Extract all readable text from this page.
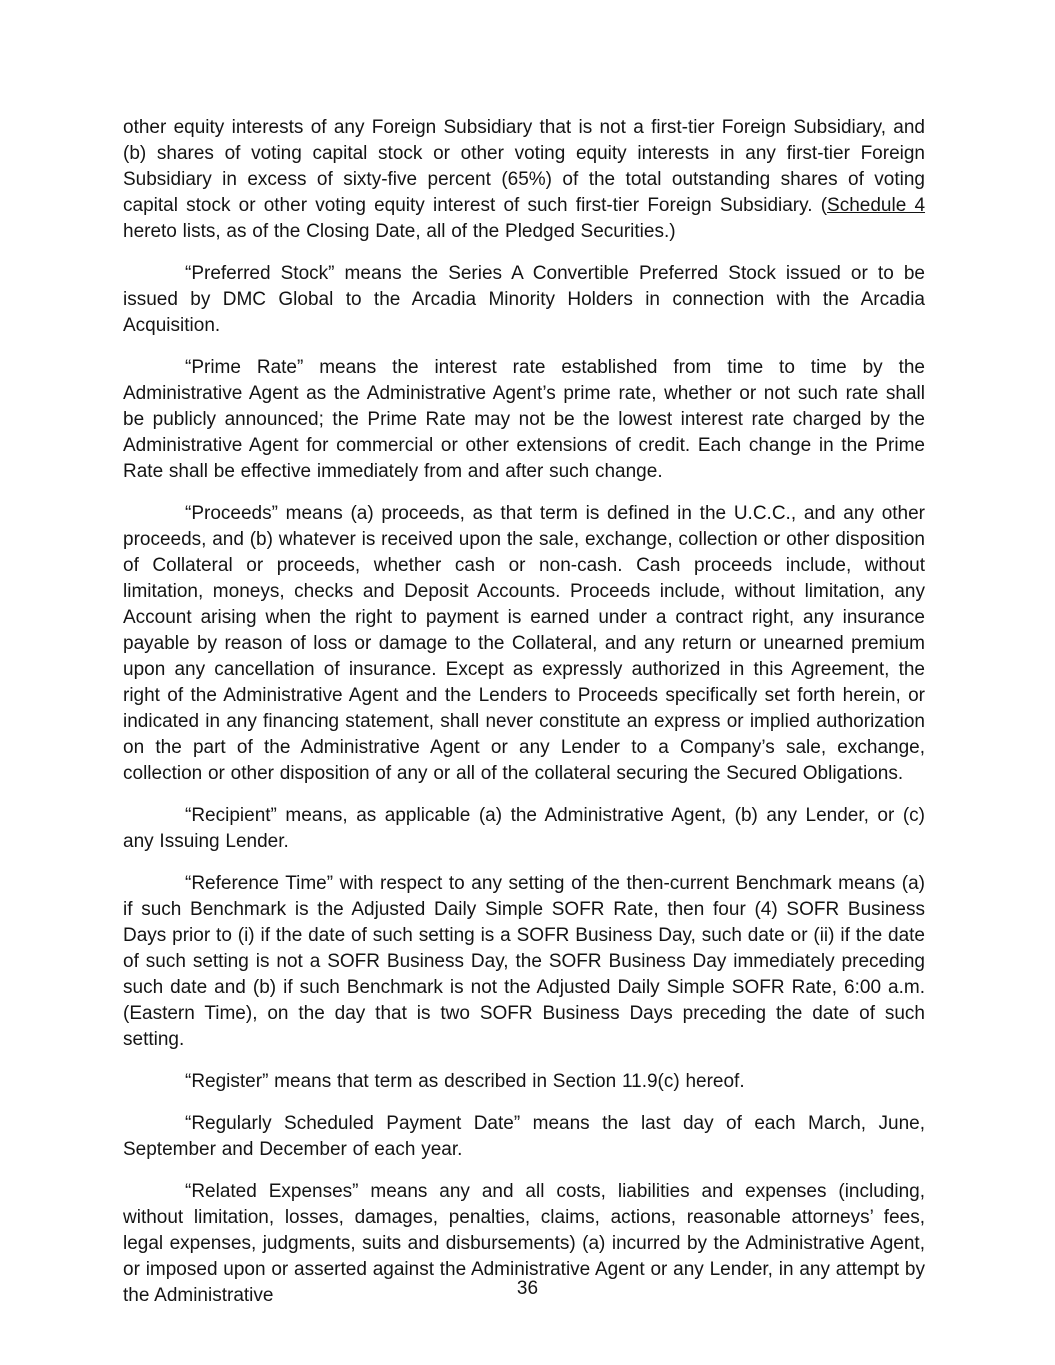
other equity interests of any Foreign Subsidiary that is not a first-tier Foreign Subsidiary, and (b) shares of voting capital stock or other voting equity interests in any first-tier Foreign Subsidiary in excess of sixty-five percent (65%) of the total outstanding shares of voting capital stock or other voting equity interest of such first-tier Foreign Subsidiary. (Schedule 4 hereto lists, as of the Closing Date, all of the Pledged Securities.)

“Preferred Stock” means the Series A Convertible Preferred Stock issued or to be issued by DMC Global to the Arcadia Minority Holders in connection with the Arcadia Acquisition.

“Prime Rate” means the interest rate established from time to time by the Administrative Agent as the Administrative Agent’s prime rate, whether or not such rate shall be publicly announced; the Prime Rate may not be the lowest interest rate charged by the Administrative Agent for commercial or other extensions of credit. Each change in the Prime Rate shall be effective immediately from and after such change.

“Proceeds” means (a) proceeds, as that term is defined in the U.C.C., and any other proceeds, and (b) whatever is received upon the sale, exchange, collection or other disposition of Collateral or proceeds, whether cash or non-cash. Cash proceeds include, without limitation, moneys, checks and Deposit Accounts. Proceeds include, without limitation, any Account arising when the right to payment is earned under a contract right, any insurance payable by reason of loss or damage to the Collateral, and any return or unearned premium upon any cancellation of insurance. Except as expressly authorized in this Agreement, the right of the Administrative Agent and the Lenders to Proceeds specifically set forth herein, or indicated in any financing statement, shall never constitute an express or implied authorization on the part of the Administrative Agent or any Lender to a Company’s sale, exchange, collection or other disposition of any or all of the collateral securing the Secured Obligations.

“Recipient” means, as applicable (a) the Administrative Agent, (b) any Lender, or (c) any Issuing Lender.

“Reference Time” with respect to any setting of the then-current Benchmark means (a) if such Benchmark is the Adjusted Daily Simple SOFR Rate, then four (4) SOFR Business Days prior to (i) if the date of such setting is a SOFR Business Day, such date or (ii) if the date of such setting is not a SOFR Business Day, the SOFR Business Day immediately preceding such date and (b) if such Benchmark is not the Adjusted Daily Simple SOFR Rate, 6:00 a.m. (Eastern Time), on the day that is two SOFR Business Days preceding the date of such setting.

“Register” means that term as described in Section 11.9(c) hereof.

“Regularly Scheduled Payment Date” means the last day of each March, June, September and December of each year.

“Related Expenses” means any and all costs, liabilities and expenses (including, without limitation, losses, damages, penalties, claims, actions, reasonable attorneys’ fees, legal expenses, judgments, suits and disbursements) (a) incurred by the Administrative Agent, or imposed upon or asserted against the Administrative Agent or any Lender, in any attempt by the Administrative	36
